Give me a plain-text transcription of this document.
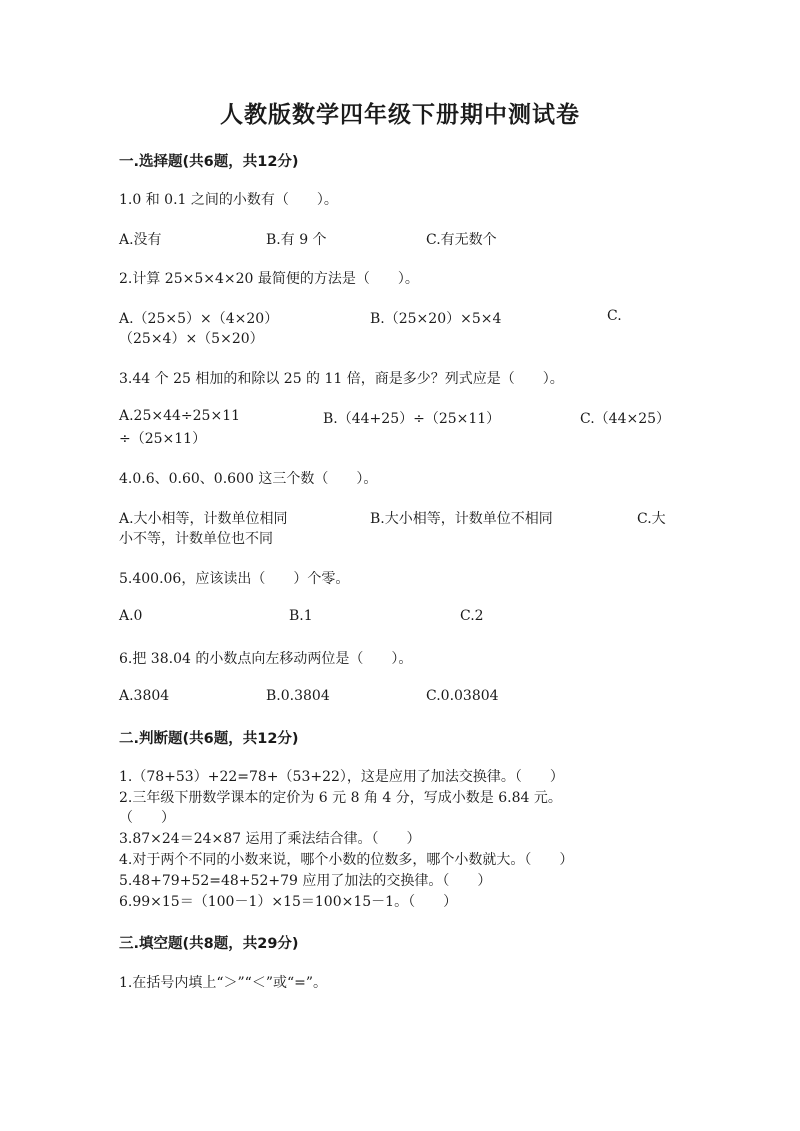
人教版数学四年级下册期中测试卷
一.选择题(共6题，共12分)
1.0 和 0.1 之间的小数有（　　）。
A.没有	B.有 9 个	C.有无数个
2.计算 25×5×4×20 最简便的方法是（　　）。
A.（25×5）×（4×20）	B.（25×20）×5×4	C.
（25×4）×（5×20）
3.44 个 25 相加的和除以 25 的 11 倍，商是多少？列式应是（　　）。
A.25×44÷25×11	B.（44+25）÷（25×11）	C.（44×25）
÷（25×11）
4.0.6、0.60、0.600 这三个数（　　）。
A.大小相等，计数单位相同	B.大小相等，计数单位不相同	C.大
小不等，计数单位也不同
5.400.06，应该读出（　　）个零。
A.0	B.1	C.2
6.把 38.04 的小数点向左移动两位是（　　）。
A.3804	B.0.3804	C.0.03804
二.判断题(共6题，共12分)
1.（78+53）+22=78+（53+22），这是应用了加法交换律。（　　）
2.三年级下册数学课本的定价为 6 元 8 角 4 分，写成小数是 6.84 元。
（　　）
3.87×24＝24×87 运用了乘法结合律。（　　）
4.对于两个不同的小数来说，哪个小数的位数多，哪个小数就大。（　　）
5.48+79+52=48+52+79 应用了加法的交换律。（　　）
6.99×15＝（100－1）×15＝100×15－1。（　　）
三.填空题(共8题，共29分)
1.在括号内填上“＞”“＜”或“=”。
